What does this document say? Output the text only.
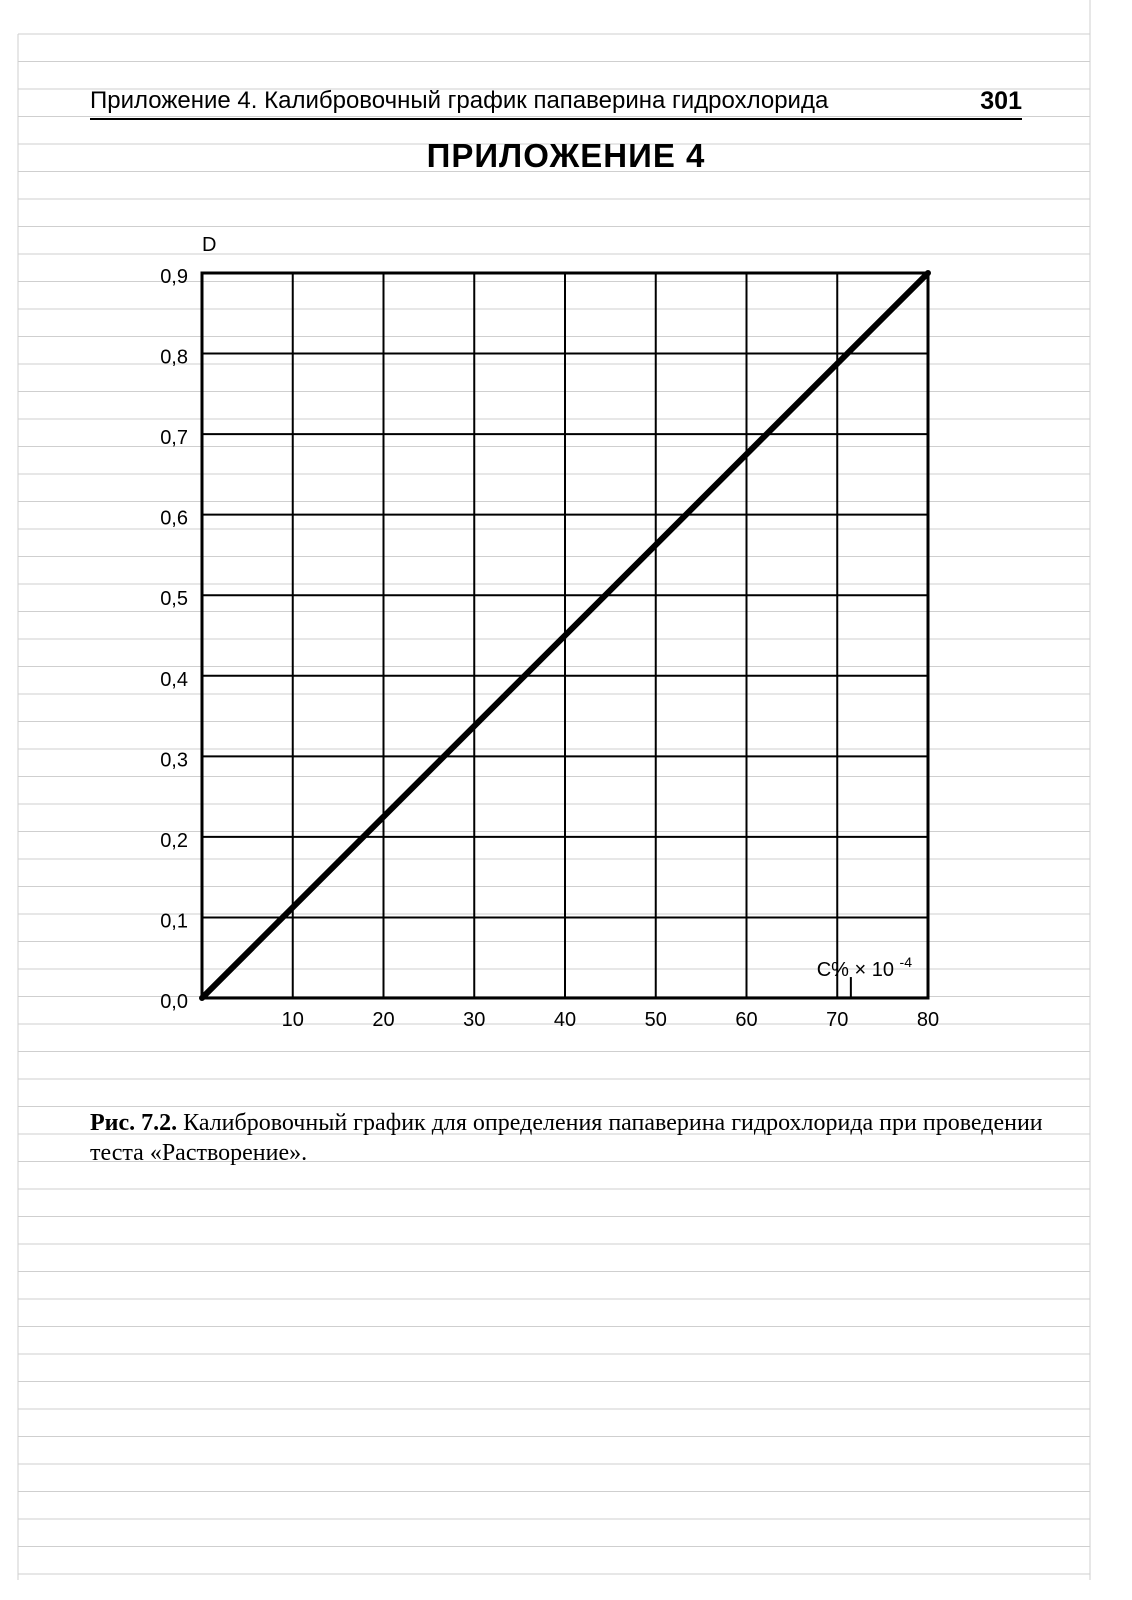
Приложение 4. Калибровочный график папаверина гидрохлорида	301
ПРИЛОЖЕНИЕ 4
10	20	30	40	50	60	70	80
0,0
0,1
0,2
0,3
0,4
0,5
0,6
0,7
0,8
0,9
D
C% × 10 $^{-4}$
Рис. 7.2. Калибровочный график для определения папаверина гидрохлорида при проведении теста «Растворение».
